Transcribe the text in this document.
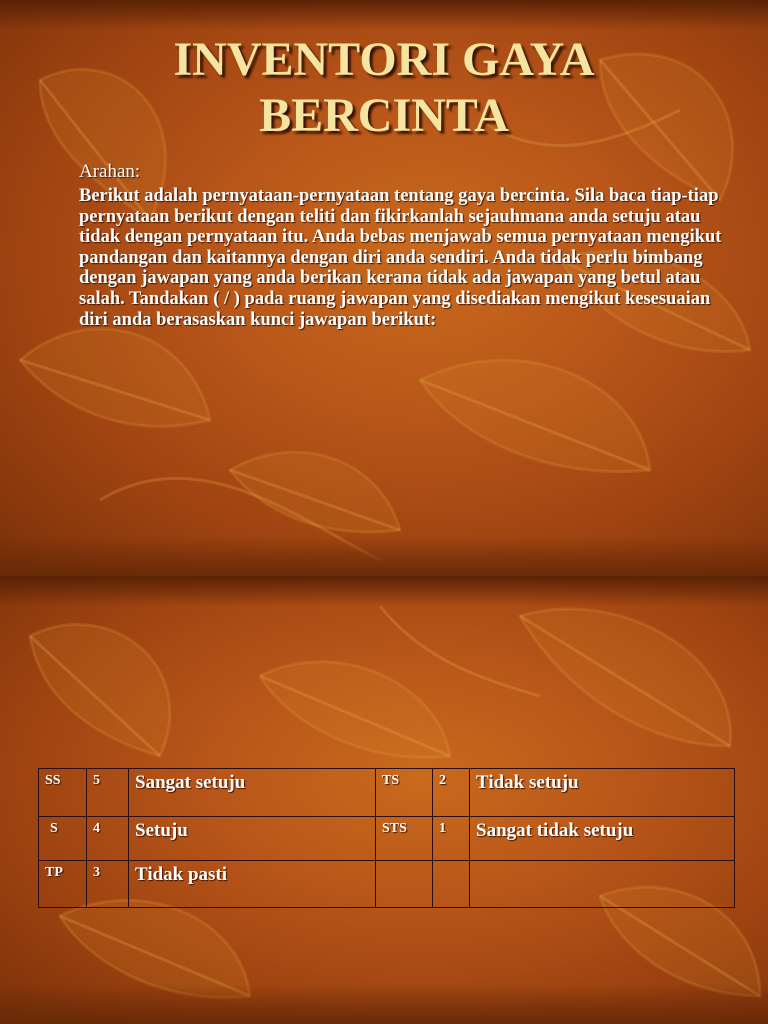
INVENTORI GAYA
BERCINTA
Arahan:

Berikut adalah pernyataan-pernyataan tentang gaya bercinta. Sila baca tiap-tiap pernyataan berikut dengan teliti dan fikirkanlah sejauhmana anda setuju atau tidak dengan pernyataan itu. Anda bebas menjawab semua pernyataan mengikut pandangan dan kaitannya dengan diri anda sendiri. Anda tidak perlu bimbang dengan jawapan yang anda berikan kerana tidak ada jawapan yang betul atau salah. Tandakan ( / ) pada ruang jawapan yang disediakan mengikut kesesuaian diri anda berasaskan kunci jawapan berikut:

SS	5	Sangat setuju	TS	2	Tidak setuju
S	4	Setuju	STS	1	Sangat tidak setuju
TP	3	Tidak pasti			
